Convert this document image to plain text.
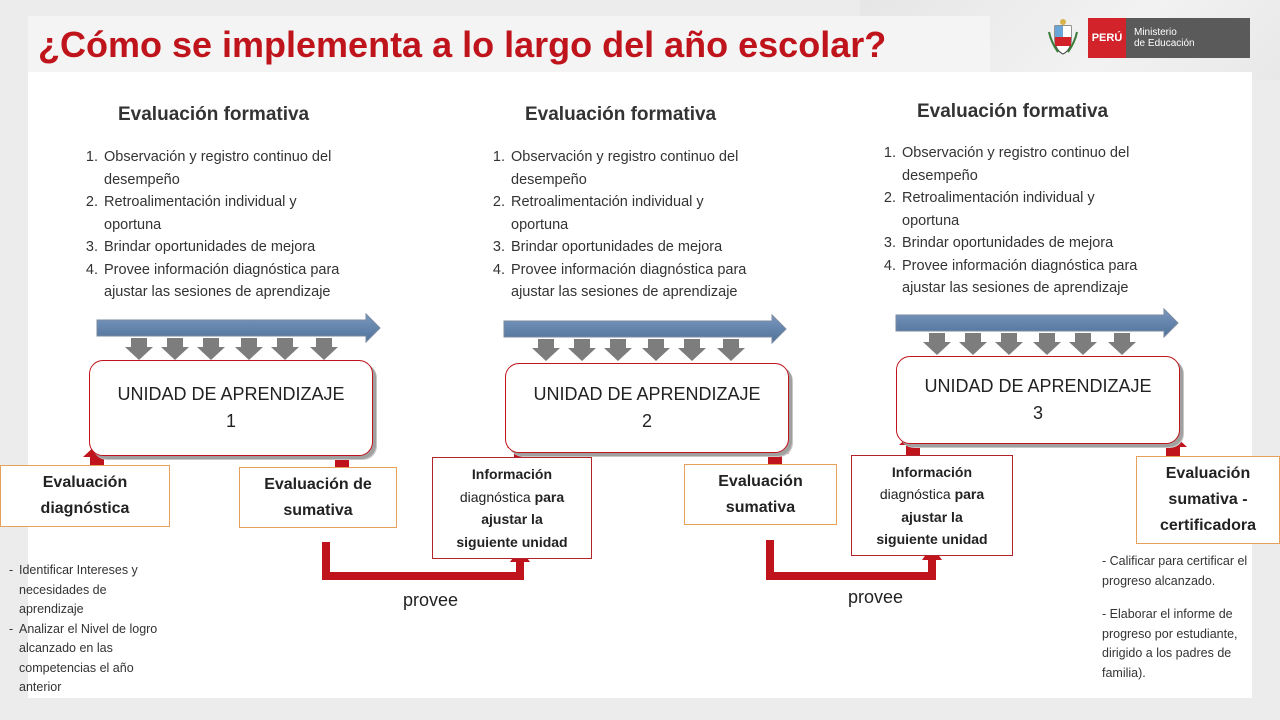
¿Cómo se implementa a lo largo del año escolar?	PERÚ	Ministerio
de Educación
Evaluación formativa	Evaluación formativa	Evaluación formativa
1. Observación y registro continuo del
desempeño
2. Retroalimentación individual y
oportuna
3. Brindar oportunidades de mejora
4. Provee información diagnóstica para
ajustar las sesiones de aprendizaje
1. Observación y registro continuo del
desempeño
2. Retroalimentación individual y
oportuna
3. Brindar oportunidades de mejora
4. Provee información diagnóstica para
ajustar las sesiones de aprendizaje
1. Observación y registro continuo del
desempeño
2. Retroalimentación individual y
oportuna
3. Brindar oportunidades de mejora
4. Provee información diagnóstica para
ajustar las sesiones de aprendizaje
UNIDAD DE APRENDIZAJE
1
UNIDAD DE APRENDIZAJE
2
UNIDAD DE APRENDIZAJE
3
Evaluación
diagnóstica
Evaluación de
sumativa
Información
diagnóstica para
ajustar la
siguiente unidad
Evaluación
sumativa
Información
diagnóstica para
ajustar la
siguiente unidad
Evaluación
sumativa -
certificadora
provee	provee
- Identificar Intereses y
necesidades de
aprendizaje
- Analizar el Nivel de logro
alcanzado en las
competencias el año
anterior
- Calificar para certificar el
progreso alcanzado.
- Elaborar el informe de
progreso por estudiante,
dirigido a los padres de
familia).
